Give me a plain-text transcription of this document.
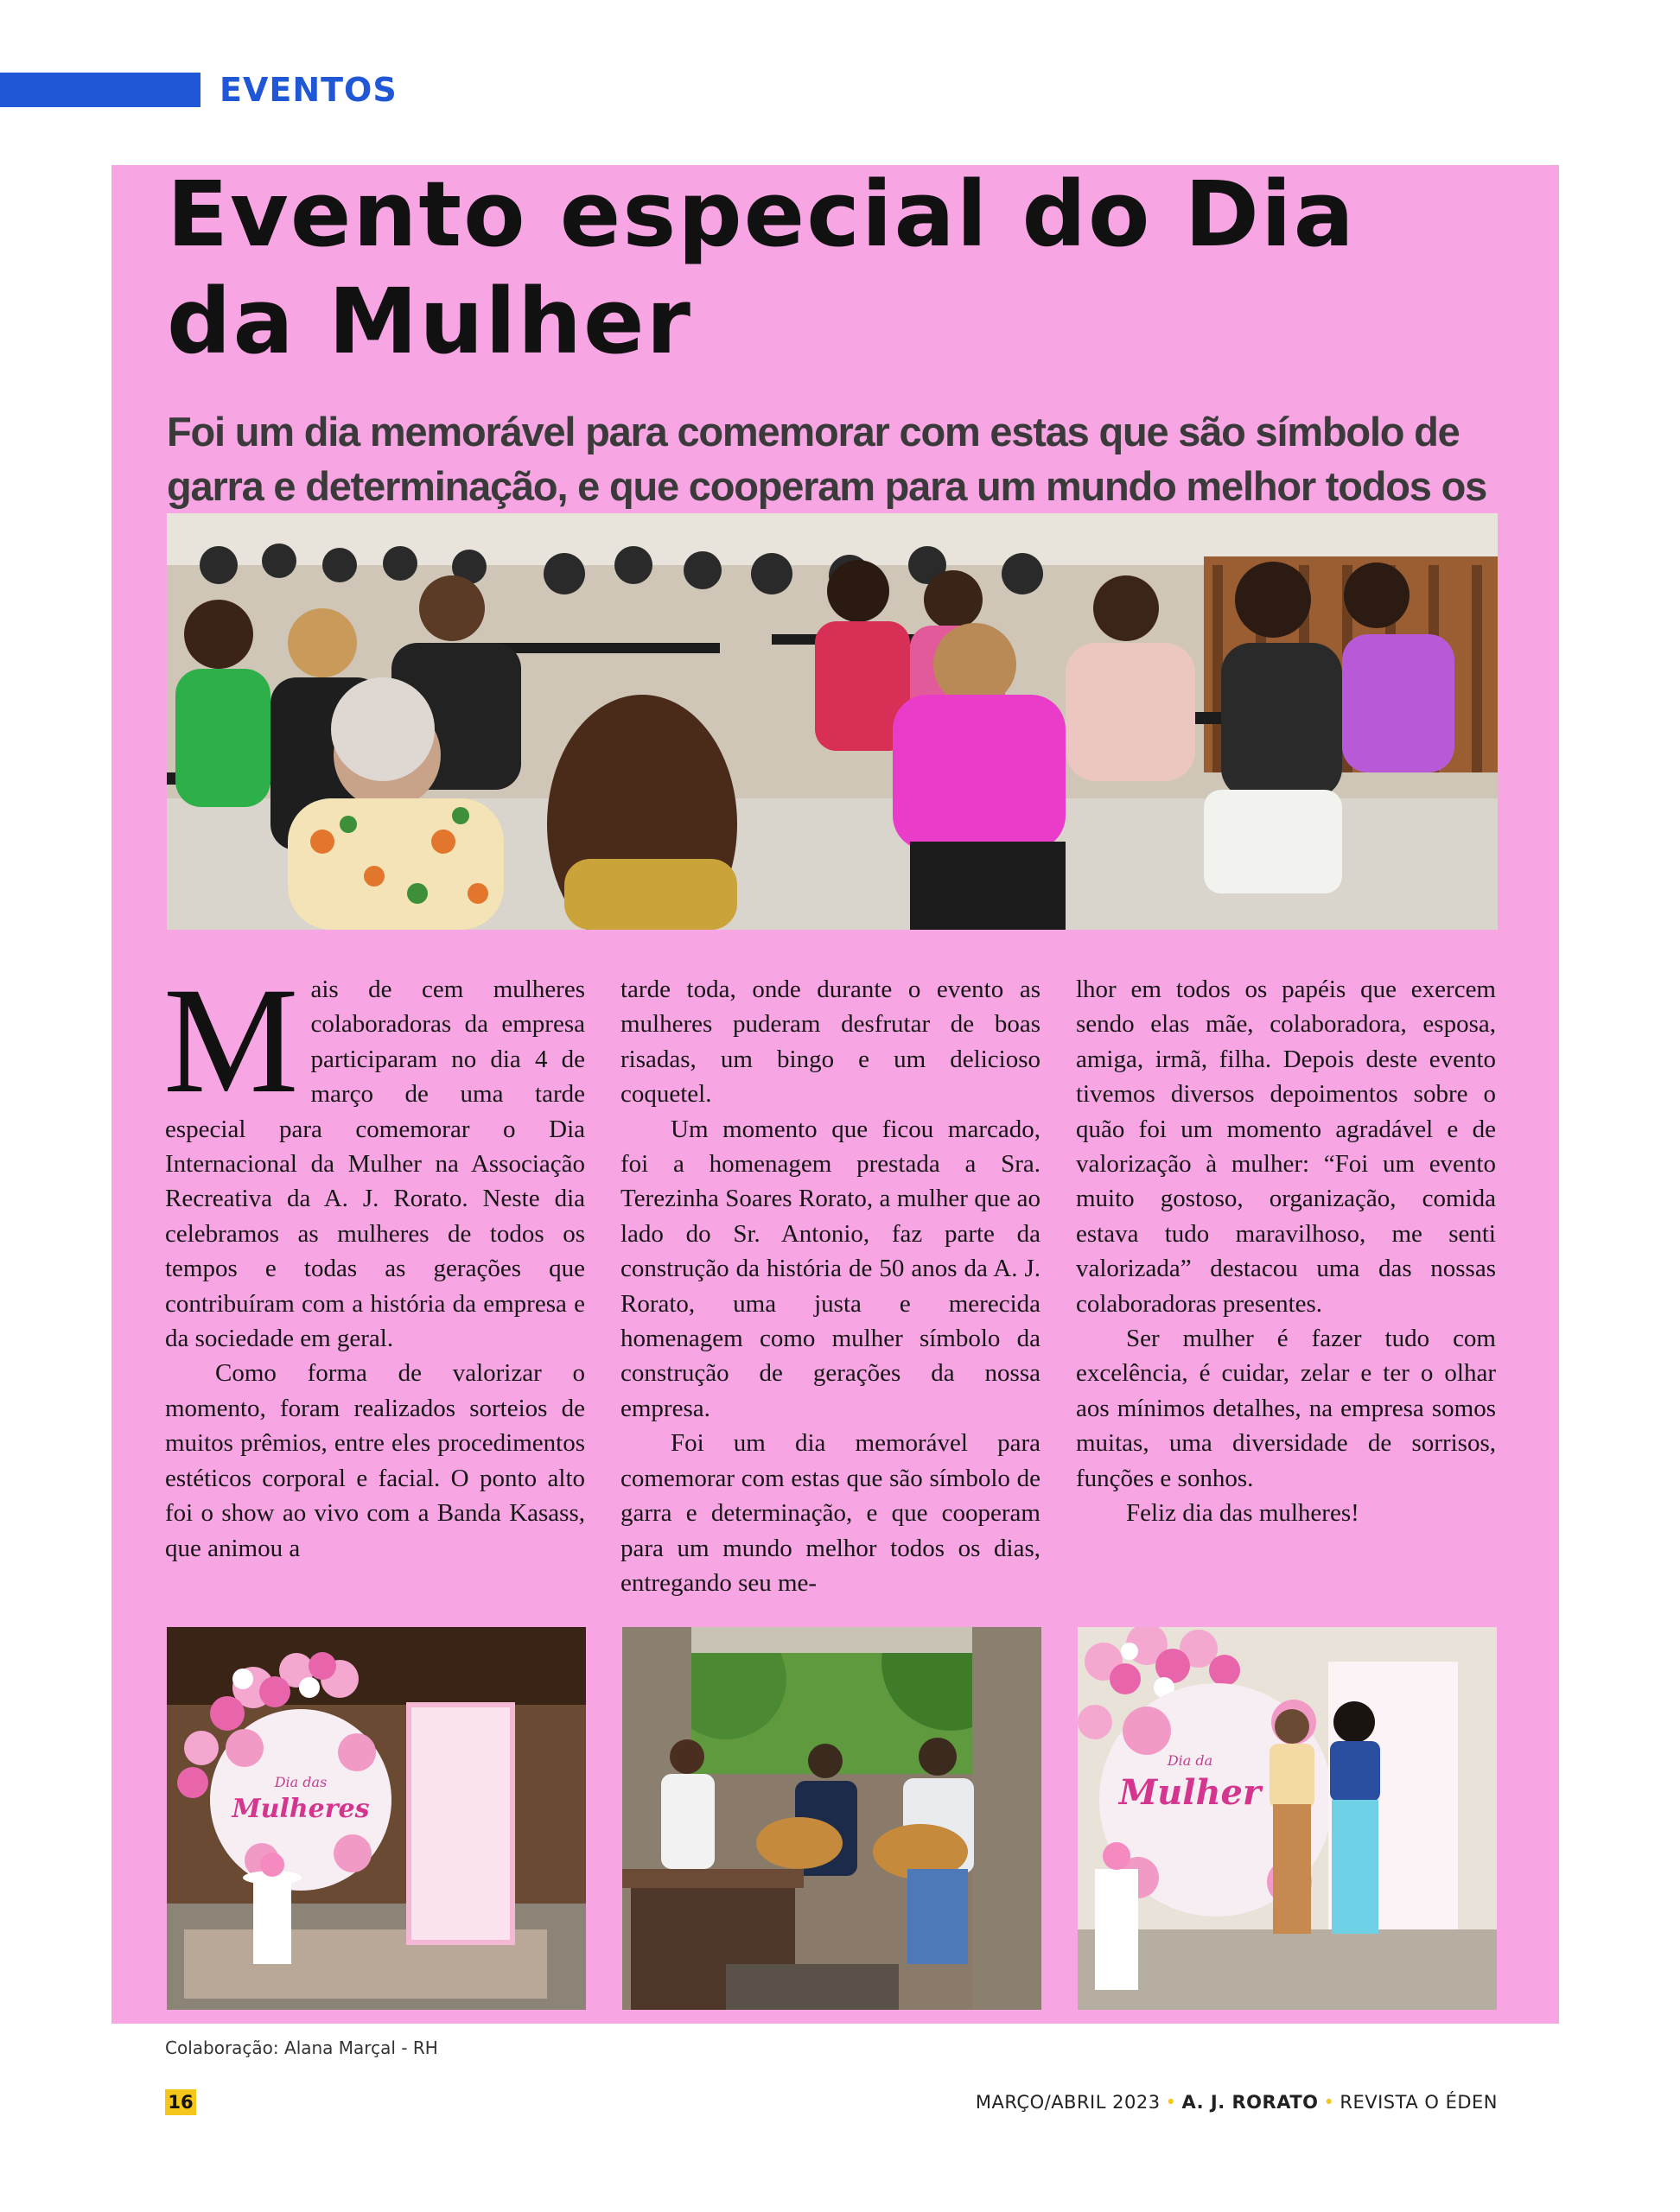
EVENTOS
Evento especial do Dia da Mulher
Foi um dia memorável para comemorar com estas que são símbolo de garra e determinação, e que cooperam para um mundo melhor todos os

Mais de cem mulheres colaboradoras da empresa participaram no dia 4 de março de uma tarde especial para comemorar o Dia Internacional da Mulher na Associação Recreativa da A. J. Rorato. Neste dia celebramos as mulheres de todos os tempos e todas as gerações que contribuíram com a história da empresa e da sociedade em geral.

Como forma de valorizar o momento, foram realizados sorteios de muitos prêmios, entre eles procedimentos estéticos corporal e facial. O ponto alto foi o show ao vivo com a Banda Kasass, que animou a

tarde toda, onde durante o evento as mulheres puderam desfrutar de boas risadas, um bingo e um delicioso coquetel.

Um momento que ficou marcado, foi a homenagem prestada a Sra. Terezinha Soares Rorato, a mulher que ao lado do Sr. Antonio, faz parte da construção da história de 50 anos da A. J. Rorato, uma justa e merecida homenagem como mulher símbolo da construção de gerações da nossa empresa.

Foi um dia memorável para comemorar com estas que são símbolo de garra e determinação, e que cooperam para um mundo melhor todos os dias, entregando seu me-

lhor em todos os papéis que exercem sendo elas mãe, colaboradora, esposa, amiga, irmã, filha. Depois deste evento tivemos diversos depoimentos sobre o quão foi um momento agradável e de valorização à mulher: “Foi um evento muito gostoso, organização, comida estava tudo maravilhoso, me senti valorizada” destacou uma das nossas colaboradoras presentes.

Ser mulher é fazer tudo com excelência, é cuidar, zelar e ter o olhar aos mínimos detalhes, na empresa somos muitas, uma diversidade de sorrisos, funções e sonhos.

Feliz dia das mulheres!

Dia das
Mulheres
Dia da
Mulher
Colaboração: Alana Marçal - RH
16	MARÇO/ABRIL 2023 • A. J. RORATO • REVISTA O ÉDEN
